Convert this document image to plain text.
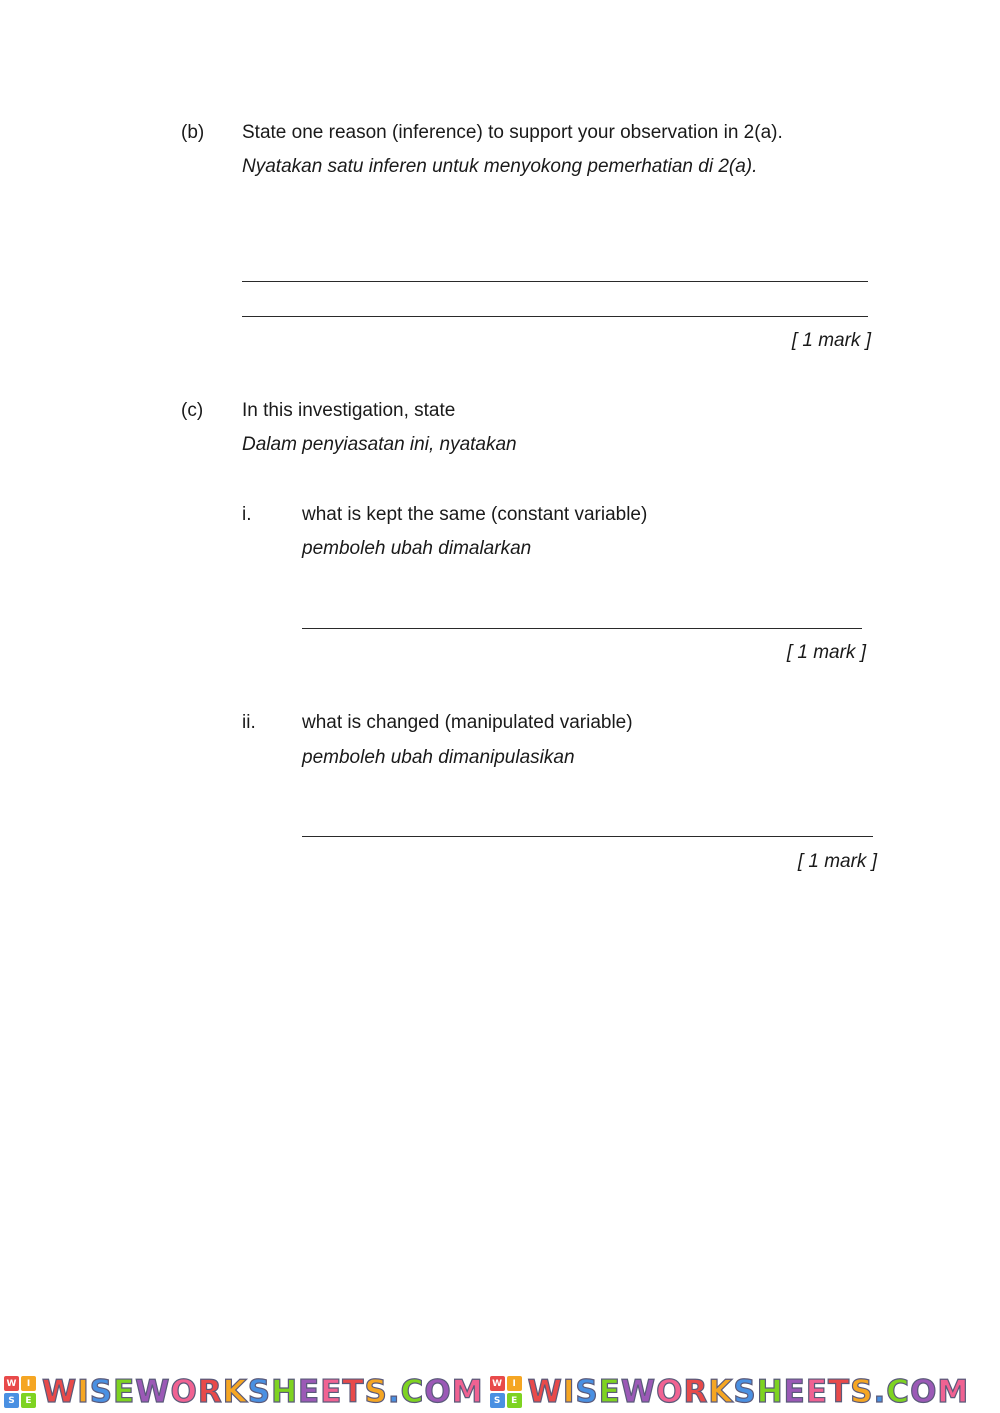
(b) State one reason (inference) to support your observation in 2(a).
Nyatakan satu inferen untuk menyokong pemerhatian di 2(a).
[ 1 mark ]
(c) In this investigation, state
Dalam penyiasatan ini, nyatakan
i.	what is kept the same (constant variable)
pemboleh ubah dimalarkan
[ 1 mark ]
ii. what is changed (manipulated variable)
pemboleh ubah dimanipulasikan
[ 1 mark ]
W	I
S	E WISEWORKSHEETS.COM W	I
S	E WISEWORKSHEETS.COM
